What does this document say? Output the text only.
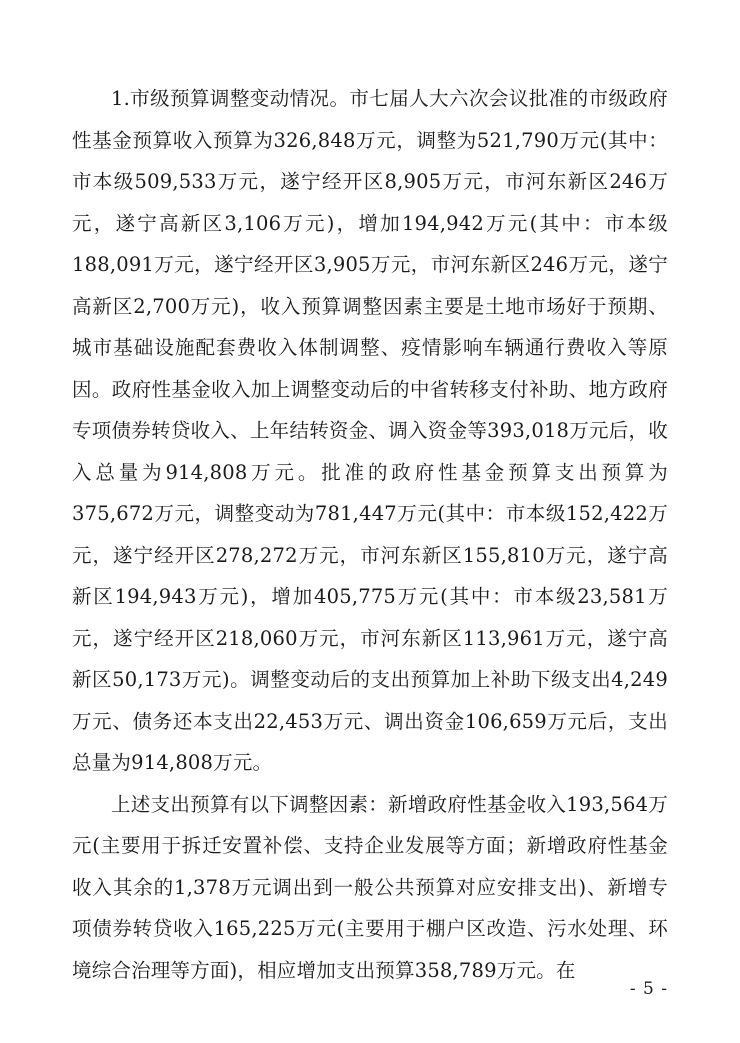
1.市级预算调整变动情况。市七届人大六次会议批准的市级政府性基金预算收入预算为326,848万元，调整为521,790万元(其中：市本级509,533万元，遂宁经开区8,905万元，市河东新区246万元，遂宁高新区3,106万元)，增加194,942万元(其中：市本级188,091万元，遂宁经开区3,905万元，市河东新区246万元，遂宁高新区2,700万元)，收入预算调整因素主要是土地市场好于预期、城市基础设施配套费收入体制调整、疫情影响车辆通行费收入等原因。政府性基金收入加上调整变动后的中省转移支付补助、地方政府专项债券转贷收入、上年结转资金、调入资金等393,018万元后，收入总量为914,808万元。批准的政府性基金预算支出预算为375,672万元，调整变动为781,447万元(其中：市本级152,422万元，遂宁经开区278,272万元，市河东新区155,810万元，遂宁高新区194,943万元)，增加405,775万元(其中：市本级23,581万元，遂宁经开区218,060万元，市河东新区113,961万元，遂宁高新区50,173万元)。调整变动后的支出预算加上补助下级支出4,249万元、债务还本支出22,453万元、调出资金106,659万元后，支出总量为914,808万元。

上述支出预算有以下调整因素：新增政府性基金收入193,564万元(主要用于拆迁安置补偿、支持企业发展等方面；新增政府性基金收入其余的1,378万元调出到一般公共预算对应安排支出)、新增专项债券转贷收入165,225万元(主要用于棚户区改造、污水处理、环境综合治理等方面)，相应增加支出预算358,789万元。在

- 5 -
